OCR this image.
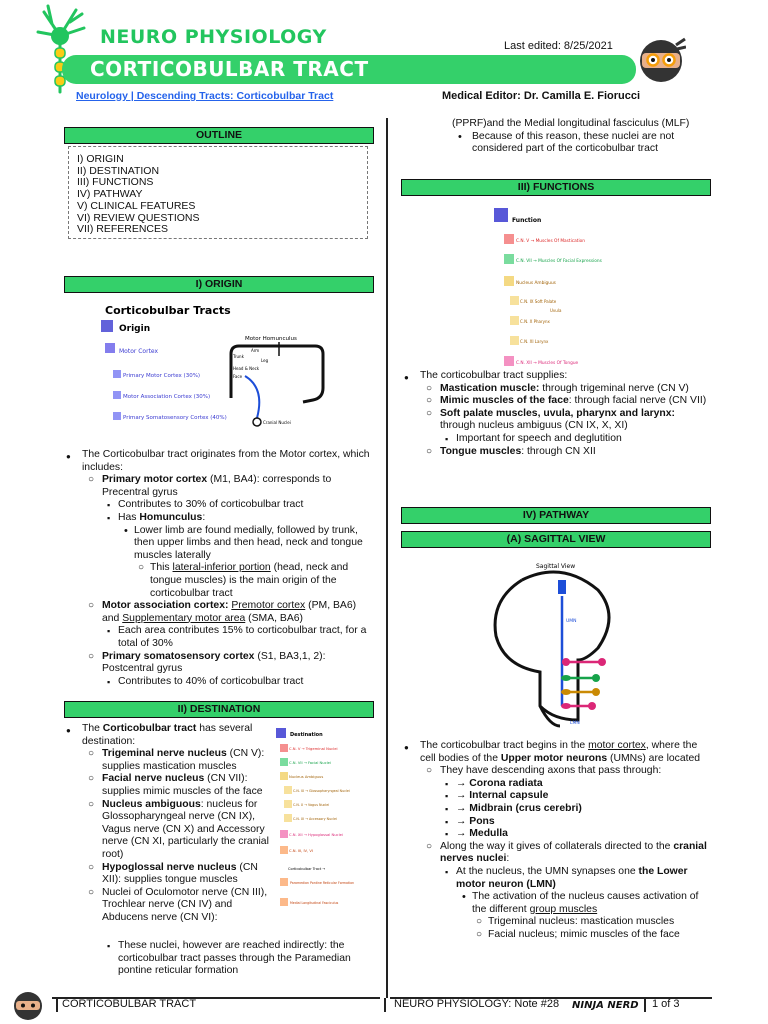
NEURO PHYSIOLOGY	Last edited: 8/25/2021
CORTICOBULBAR TRACT
Neurology | Descending Tracts: Corticobulbar Tract	Medical Editor: Dr. Camilla E. Fiorucci
OUTLINE
I) ORIGIN
II) DESTINATION
III) FUNCTIONS
IV) PATHWAY
V) CLINICAL FEATURES
VI) REVIEW QUESTIONS
VII) REFERENCES
I) ORIGIN
Corticobulbar Tracts
Origin
Motor Cortex
Primary Motor Cortex (30%)
Motor Association Cortex (30%)
Primary Somatosensory Cortex (40%)
Motor Homunculus
Trunk
Arm
Leg
Head & Neck
Face
Cranial Nuclei
● The Corticobulbar tract originates from the Motor cortex, which includes:
○ Primary motor cortex (M1, BA4): corresponds to Precentral gyrus
▪ Contributes to 30% of corticobulbar tract
▪ Has Homunculus:
• Lower limb are found medially, followed by trunk, then upper limbs and then head, neck and tongue muscles laterally
○ This lateral-inferior portion (head, neck and tongue muscles) is the main origin of the corticobulbar tract
○ Motor association cortex: Premotor cortex (PM, BA6) and Supplementary motor area (SMA, BA6)
▪ Each area contributes 15% to corticobulbar tract, for a total of 30%
○ Primary somatosensory cortex (S1, BA3,1, 2): Postcentral gyrus
▪ Contributes to 40% of corticobulbar tract
II) DESTINATION
● The Corticobulbar tract has several destination:
○ Trigeminal nerve nucleus (CN V): supplies mastication muscles
○ Facial nerve nucleus (CN VII): supplies mimic muscles of the face
○ Nucleus ambiguous: nucleus for Glossopharyngeal nerve (CN IX), Vagus nerve (CN X) and Accessory nerve (CN XI, particularly the cranial root)
○ Hypoglossal nerve nucleus (CN XII): supplies tongue muscles
○ Nuclei of Oculomotor nerve (CN III), Trochlear nerve (CN IV) and Abducens nerve (CN VI):
▪ These nuclei, however are reached indirectly: the corticobulbar tract passes through the Paramedian pontine reticular formation
Destination
C.N. V → Trigeminal Nuclei
C.N. VII → Facial Nuclei
Nucleus Ambiguus
C.N. IX → Glossopharyngeal Nuclei
C.N. X → Vagus Nuclei
C.N. XI → Accessory Nuclei
C.N. XII → Hypoglossal Nuclei
C.N. III, IV, VI
Corticobulbar Tract →
Paramedian Pontine Reticular Formation
Medial Longitudinal Fasciculus
(PPRF)and the Medial longitudinal fasciculus (MLF)
• Because of this reason, these nuclei are not considered part of the corticobulbar tract
III) FUNCTIONS
Function
C.N. V → Muscles Of Mastication
C.N. VII → Muscles Of Facial Expressions
Nucleus Ambiguus
C.N. IX Soft Palate
Uvula
C.N. X Pharynx
C.N. XI Larynx
C.N. XII → Muscles Of Tongue
● The corticobulbar tract supplies:
○ Mastication muscle: through trigeminal nerve (CN V)
○ Mimic muscles of the face: through facial nerve (CN VII)
○ Soft palate muscles, uvula, pharynx and larynx: through nucleus ambiguus (CN IX, X, XI)
▪ Important for speech and deglutition
○ Tongue muscles: through CN XII
IV) PATHWAY
(A) SAGITTAL VIEW
Sagittal View
UMN
LMN
● The corticobulbar tract begins in the motor cortex, where the cell bodies of the Upper motor neurons (UMNs) are located
○ They have descending axons that pass through:
▪ → Corona radiata
▪ → Internal capsule
▪ → Midbrain (crus cerebri)
▪ → Pons
▪ → Medulla
○ Along the way it gives of collaterals directed to the cranial nerves nuclei:
▪ At the nucleus, the UMN synapses one the Lower motor neuron (LMN)
• The activation of the nucleus causes activation of the different group muscles
○ Trigeminal nucleus: mastication muscles
○ Facial nucleus; mimic muscles of the face
CORTICOBULBAR TRACT	NEURO PHYSIOLOGY: Note #28 NINJA NERD 1 of 3
